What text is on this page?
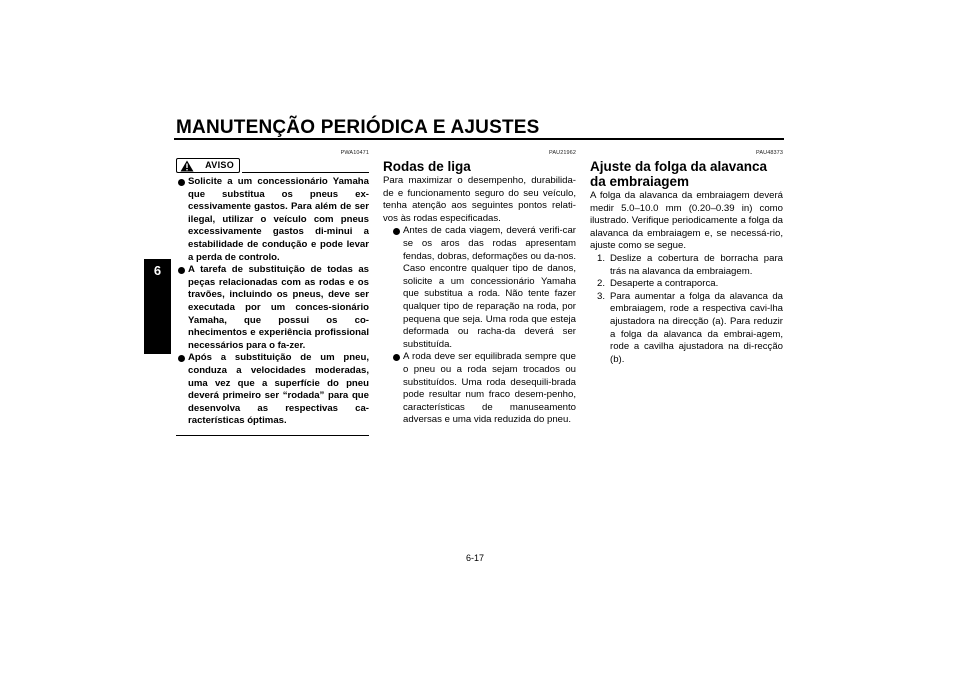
MANUTENÇÃO PERIÓDICA E AJUSTES
6
PWA10471
AVISO
Solicite a um concessionário Yamaha que substitua os pneus ex-cessivamente gastos. Para além de ser ilegal, utilizar o veículo com pneus excessivamente gastos di-minui a estabilidade de condução e pode levar a perda de controlo.
A tarefa de substituição de todas as peças relacionadas com as rodas e os travões, incluindo os pneus, deve ser executada por um conces-sionário Yamaha, que possui os co-nhecimentos e experiência profissional necessários para o fa-zer.
Após a substituição de um pneu, conduza a velocidades moderadas, uma vez que a superfície do pneu deverá primeiro ser “rodada” para que desenvolva as respectivas ca-racterísticas óptimas.
PAU21962
Rodas de liga

Para maximizar o desempenho, durabilida-de e funcionamento seguro do seu veículo, tenha atenção aos seguintes pontos relati-vos às rodas especificadas.

Antes de cada viagem, deverá verifi-car se os aros das rodas apresentam fendas, dobras, deformações ou da-nos. Caso encontre qualquer tipo de danos, solicite a um concessionário Yamaha que substitua a roda. Não tente fazer qualquer tipo de reparação na roda, por pequena que seja. Uma roda que esteja deformada ou racha-da deverá ser substituída.
A roda deve ser equilibrada sempre que o pneu ou a roda sejam trocados ou substituídos. Uma roda desequili-brada pode resultar num fraco desem-penho, características de manuseamento adversas e uma vida reduzida do pneu.
PAU48373
Ajuste da folga da alavanca da embraiagem

A folga da alavanca da embraiagem deverá medir 5.0–10.0 mm (0.20–0.39 in) como ilustrado. Verifique periodicamente a folga da alavanca da embraiagem e, se necessá-rio, ajuste como se segue.

1. Deslize a cobertura de borracha para trás na alavanca da embraiagem.
2. Desaperte a contraporca.
3. Para aumentar a folga da alavanca da embraiagem, rode a respectiva cavi-lha ajustadora na direcção (a). Para reduzir a folga da alavanca da embrai-agem, rode a cavilha ajustadora na di-recção (b).
6-17
